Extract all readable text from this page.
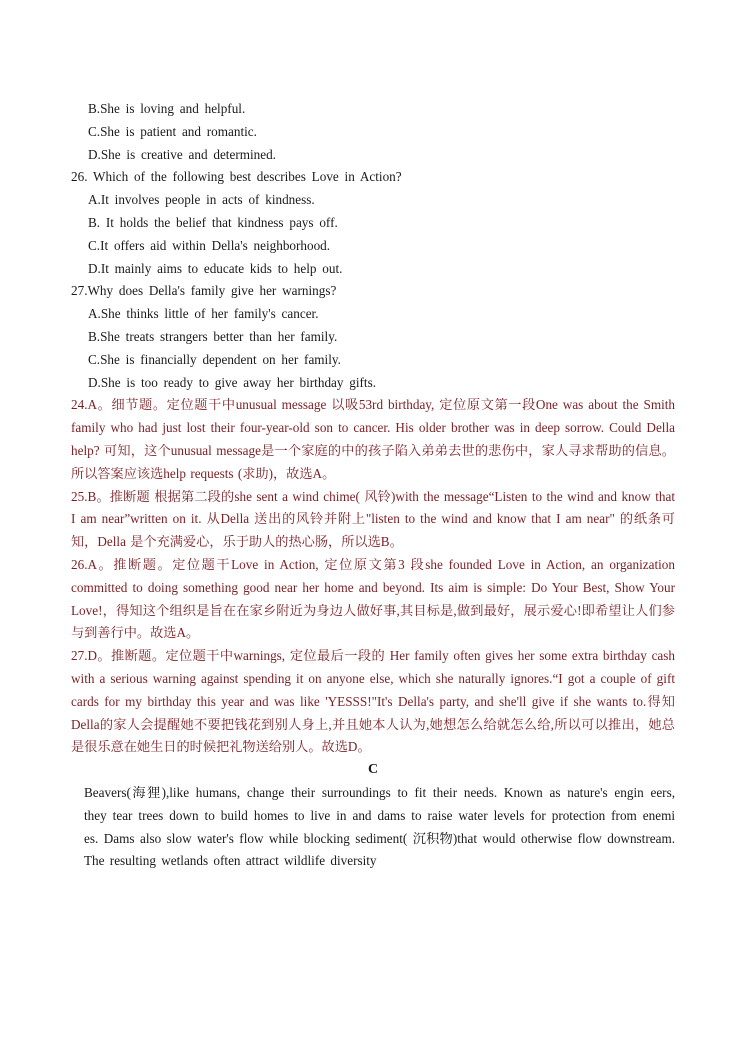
B.She is loving and helpful.
C.She is patient and romantic.
D.She is creative and determined.
26. Which of the following best describes Love in Action?
A.It involves people in acts of kindness.
B. It holds the belief that kindness pays off.
C.It offers aid within Della's neighborhood.
D.It mainly aims to educate kids to help out.
27.Why does Della's family give her warnings?
A.She thinks little of her family's cancer.
B.She treats strangers better than her family.
C.She is financially dependent on her family.
D.She is too ready to give away her birthday gifts.
24.A。细节题。定位题干中unusual message 以吸53rd birthday, 定位原文第一段One was about the Smith family who had just lost their four-year-old son to cancer. His older brother was in deep sorrow. Could Della help? 可知，这个unusual message是一个家庭的中的孩子陷入弟弟去世的悲伤中，家人寻求帮助的信息。所以答案应该选help requests (求助)，故选A。
25.B。推断题 根据第二段的she sent a wind chime( 风铃)with the message“Listen to the wind and know that I am near”written on it. 从Della 送出的风铃并附上"listen to the wind and know that I am near" 的纸条可知，Della 是个充满爱心，乐于助人的热心肠，所以选B。
26.A。推断题。定位题干Love in Action, 定位原文第3 段she founded Love in Action, an organization committed to doing something good near her home and beyond. Its aim is simple: Do Your Best, Show Your Love!，得知这个组织是旨在在家乡附近为身边人做好事,其目标是,做到最好，展示爱心!即希望让人们参与到善行中。故选A。
27.D。推断题。定位题干中warnings, 定位最后一段的 Her family often gives her some extra birthday cash with a serious warning against spending it on anyone else, which she naturally ignores.“I got a couple of gift cards for my birthday this year and was like 'YESSS!"It's Della's party, and she'll give if she wants to.得知Della的家人会提醒她不要把钱花到别人身上,并且她本人认为,她想怎么给就怎么给,所以可以推出，她总是很乐意在她生日的时候把礼物送给别人。故选D。
C

Beavers(海狸),like humans, change their surroundings to fit their needs. Known as nature's engin eers, they tear trees down to build homes to live in and dams to raise water levels for protection from enemi es. Dams also slow water's flow while blocking sediment( 沉积物)that would otherwise flow downstream. The resulting wetlands often attract wildlife diversity
